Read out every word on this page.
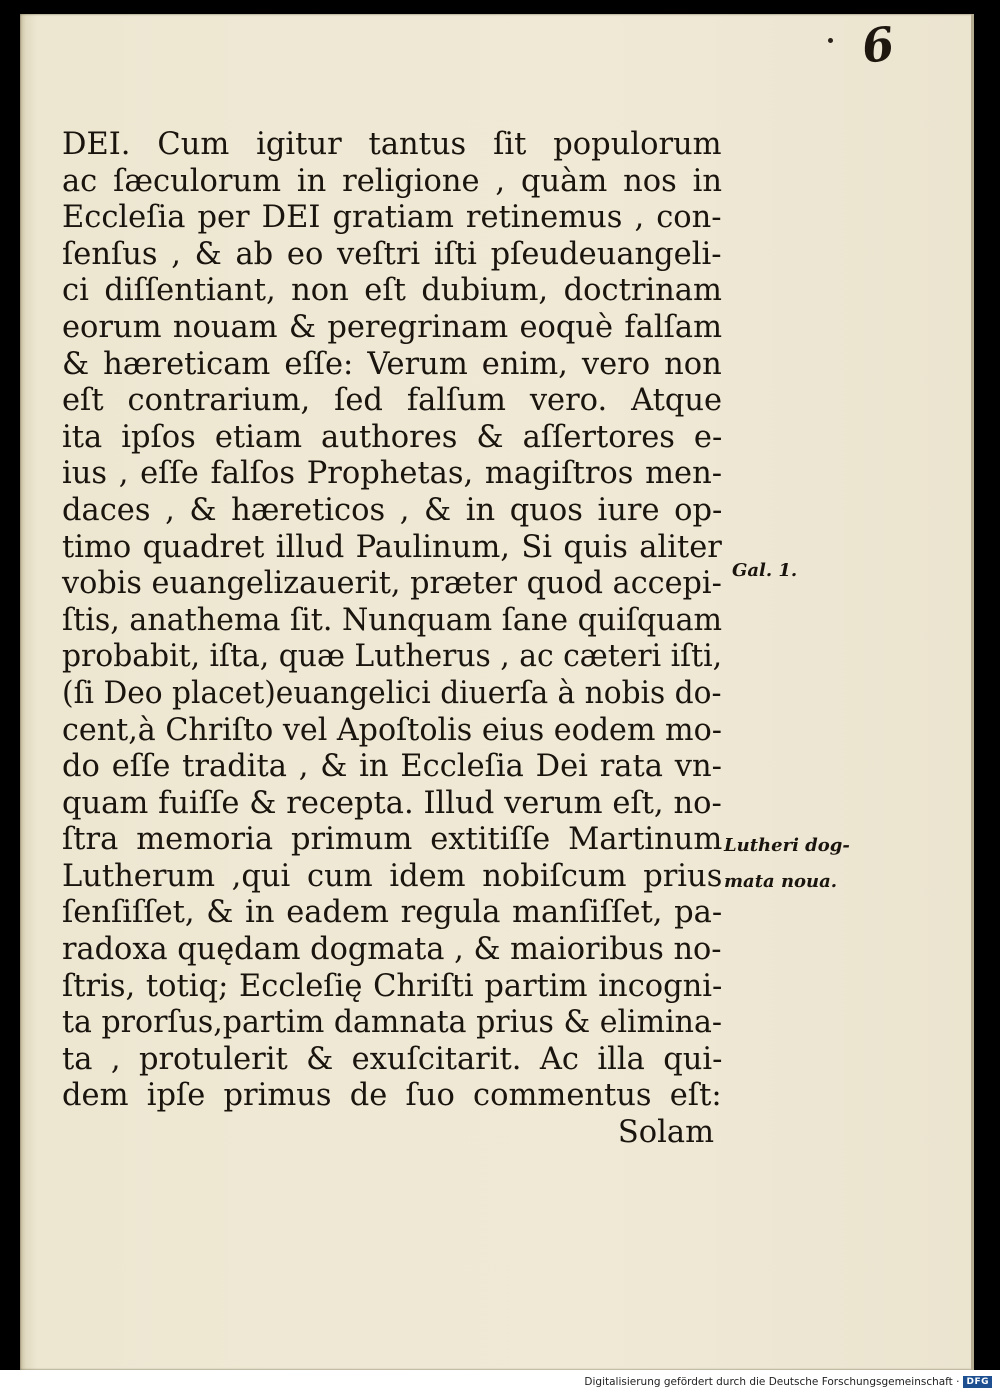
6
DEI. Cum igitur tantus ſit populorum
ac ſæculorum in religione , quàm nos in
Eccleſia per DEI gratiam retinemus , con-
ſenſus , & ab eo veſtri iſti pſeudeuangeli-
ci diſſentiant, non eſt dubium, doctrinam
eorum nouam & peregrinam eoquè falſam
& hæreticam eſſe: Verum enim, vero non
eſt contrarium, ſed falſum vero. Atque
ita ipſos etiam authores & aſſertores e-
ius , eſſe falſos Prophetas, magiſtros men-
daces , & hæreticos , & in quos iure op-
timo quadret illud Paulinum, Si quis aliter
vobis euangelizauerit, præter quod accepi-
ſtis, anathema ſit. Nunquam ſane quiſquam
probabit, iſta, quæ Lutherus , ac cæteri iſti,
(ſi Deo placet)euangelici diuerſa à nobis do-
cent,à Chriſto vel Apoſtolis eius eodem mo-
do eſſe tradita , & in Eccleſia Dei rata vn-
quam fuiſſe & recepta. Illud verum eſt, no-
ſtra memoria primum extitiſſe Martinum
Lutherum ,qui cum idem nobiſcum prius
ſenſiſſet, & in eadem regula manſiſſet, pa-
radoxa quędam dogmata , & maioribus no-
ſtris, totiq; Eccleſię Chriſti partim incogni-
ta prorſus,partim damnata prius & elimina-
ta , protulerit & exuſcitarit. Ac illa qui-
dem ipſe primus de ſuo commentus eſt:
Solam
Gal. 1.
Lutheri dog-
mata noua.
Digitalisierung gefördert durch die Deutsche Forschungsgemeinschaft · DFG
